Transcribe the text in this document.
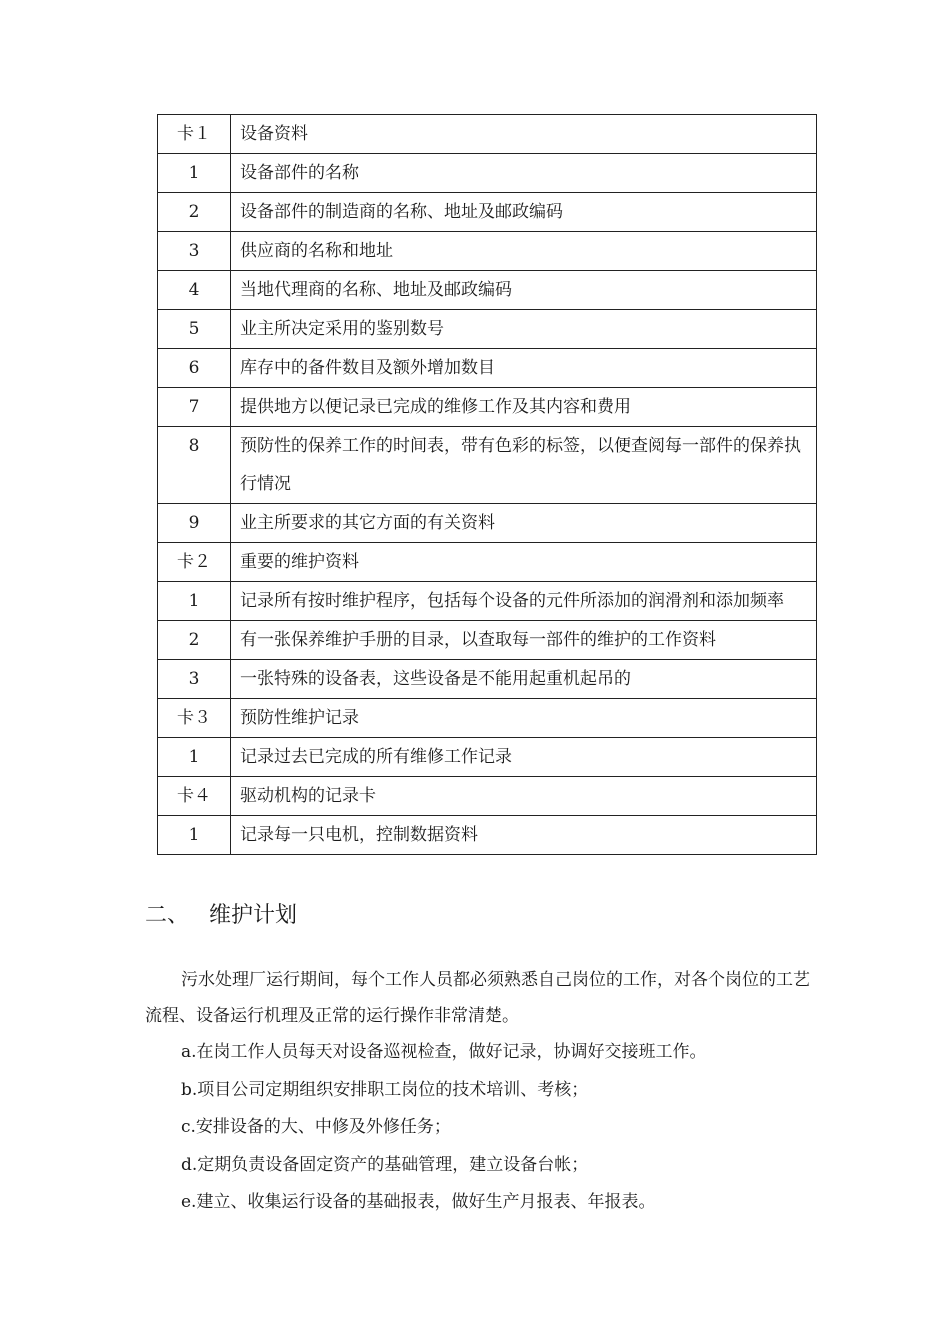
卡１	设备资料
1	设备部件的名称
2	设备部件的制造商的名称、地址及邮政编码
3	供应商的名称和地址
4	当地代理商的名称、地址及邮政编码
5	业主所决定采用的鉴别数号
6	库存中的备件数目及额外增加数目
7	提供地方以便记录已完成的维修工作及其内容和费用
8	预防性的保养工作的时间表，带有色彩的标签，以便查阅每一部件的保养执行情况
9	业主所要求的其它方面的有关资料
卡２	重要的维护资料
1	记录所有按时维护程序，包括每个设备的元件所添加的润滑剂和添加频率
2	有一张保养维护手册的目录，以查取每一部件的维护的工作资料
3	一张特殊的设备表，这些设备是不能用起重机起吊的
卡３	预防性维护记录
1	记录过去已完成的所有维修工作记录
卡４	驱动机构的记录卡
1	记录每一只电机，控制数据资料
二、 维护计划

污水处理厂运行期间，每个工作人员都必须熟悉自己岗位的工作，对各个岗位的工艺流程、设备运行机理及正常的运行操作非常清楚。

a.在岗工作人员每天对设备巡视检查，做好记录，协调好交接班工作。

b.项目公司定期组织安排职工岗位的技术培训、考核；

c.安排设备的大、中修及外修任务；

d.定期负责设备固定资产的基础管理，建立设备台帐；

e.建立、收集运行设备的基础报表，做好生产月报表、年报表。
